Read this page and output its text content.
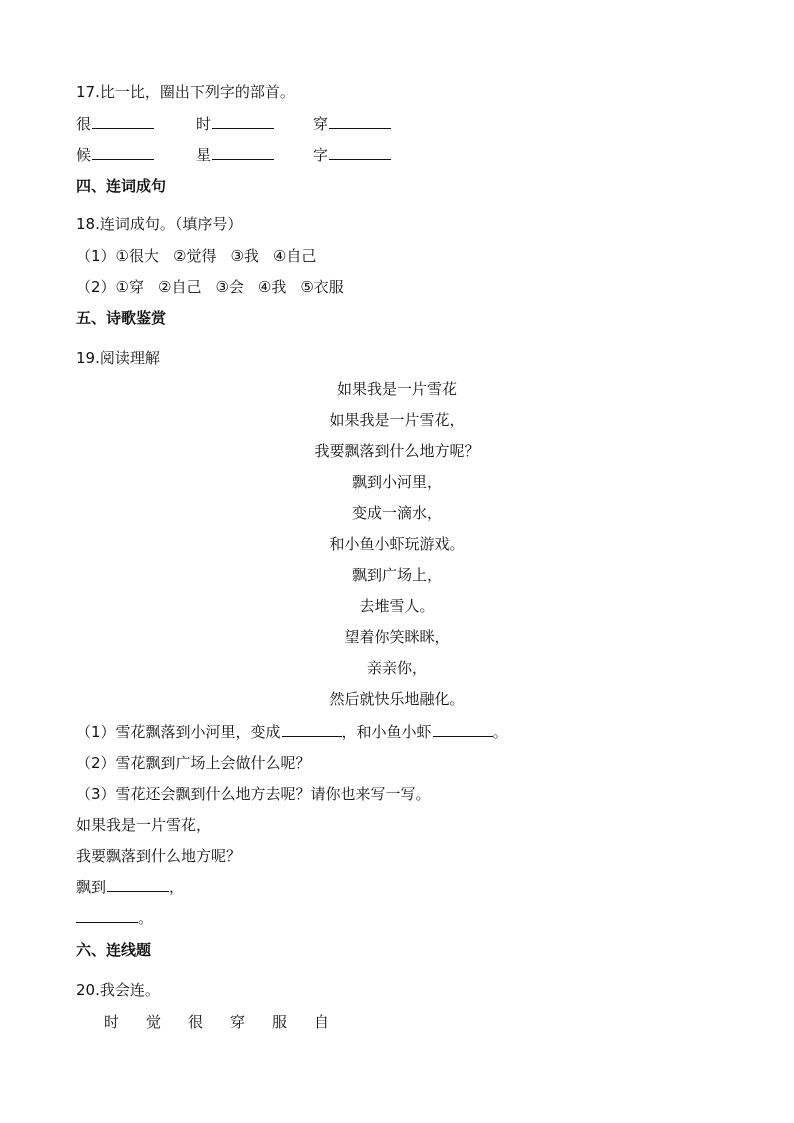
17.比一比，圈出下列字的部首。
很	时	穿
候	星	字
四、连词成句
18.连词成句。（填序号）
（1）①很大 ②觉得 ③我 ④自己
（2）①穿 ②自己 ③会 ④我 ⑤衣服
五、诗歌鉴赏
19.阅读理解
如果我是一片雪花
如果我是一片雪花，
我要飘落到什么地方呢？
飘到小河里，
变成一滴水，
和小鱼小虾玩游戏。
飘到广场上，
去堆雪人。
望着你笑眯眯，
亲亲你，
然后就快乐地融化。
（1）雪花飘落到小河里，变成	，和小鱼小虾	。
（2）雪花飘到广场上会做什么呢？
（3）雪花还会飘到什么地方去呢？请你也来写一写。
如果我是一片雪花，
我要飘落到什么地方呢？
飘到	，
。
六、连线题
20.我会连。
时 觉 很 穿 服 自
